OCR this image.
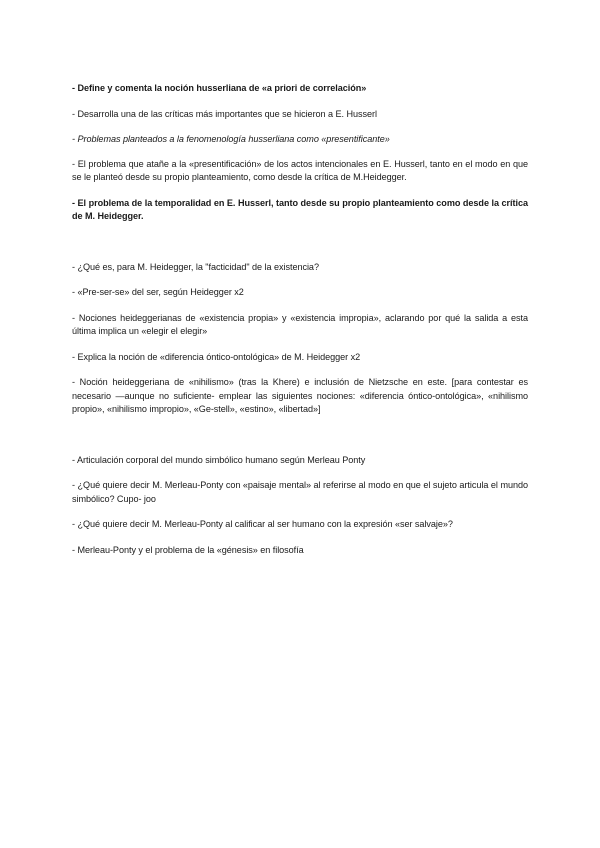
- Define y comenta la noción husserliana de «a priori de correlación»

- Desarrolla una de las críticas más importantes que se hicieron a E. Husserl

- Problemas planteados a la fenomenología husserliana como «presentificante»

- El problema que atañe a la «presentificación» de los actos intencionales en E. Husserl, tanto en el modo en que se le planteó desde su propio planteamiento, como desde la crítica de M.Heidegger.

- El problema de la temporalidad en E. Husserl, tanto desde su propio planteamiento como desde la crítica de M. Heidegger.

- ¿Qué es, para M. Heidegger, la "facticidad" de la existencia?

- «Pre-ser-se» del ser, según Heidegger x2

- Nociones heideggerianas de «existencia propia» y «existencia impropia», aclarando por qué la salida a esta última implica un «elegir el elegir»

- Explica la noción de «diferencia óntico-ontológica» de M. Heidegger x2

- Noción heideggeriana de «nihilismo» (tras la Khere) e inclusión de Nietzsche en este. [para contestar es necesario —aunque no suficiente- emplear las siguientes nociones: «diferencia óntico-ontológica», «nihilismo propio», «nihilismo impropio», «Ge-stell», «estino», «libertad»]

- Articulación corporal del mundo simbólico humano según Merleau Ponty

- ¿Qué quiere decir M. Merleau-Ponty con «paisaje mental» al referirse al modo en que el sujeto articula el mundo simbólico? Cupo- joo

- ¿Qué quiere decir M. Merleau-Ponty al calificar al ser humano con la expresión «ser salvaje»?

- Merleau-Ponty y el problema de la «génesis» en filosofía
